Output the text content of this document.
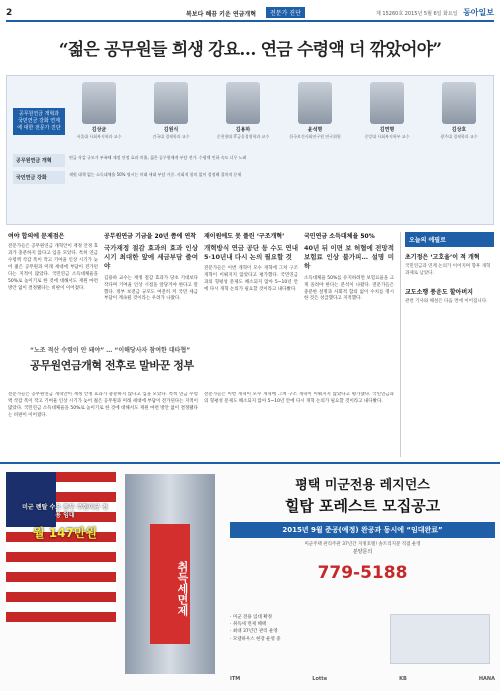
2	복보다 혜끔 키운 연금개혁	전문가 진단	제 15260호 2015년 5월 6일 화요일 동아일보
“젊은 공무원들 희생 강요… 연금 수령액 더 깎았어야”
공무원연금 개혁과 국민연금 강화 연계에 대한 전문가 진단	김상균
서울대 사회복지학과 교수
김원식
건국대 경제학과 교수
김용하
순천향대 IT금융경영학과 교수
윤석명
한국보건사회연구원 연구위원
김연명
중앙대 사회복지학부 교수
김상호
광주대 경제학과 교수
공무원연금 개혁
연금 삭감 규모가 부족해 재정 안정 효과 미흡, 젊은 공무원에게 부담 전가. 수령액 인하 속도 너무 느려
국민연금 강화
재원 대책 없는 소득대체율 50% 명시는 미래 세대 부담 가중. 사회적 합의 없이 결정해 절차적 문제
여야 합의에 문제점은
전문가들은 공무원연금 개혁안이 재정 안정 효과가 충분하지 않다고 입을 모았다. 특히 연금 수령액 삭감 폭이 작고 기여율 인상 시기가 늦어 젊은 공무원과 미래 세대에 부담이 전가된다는 지적이 많았다. 국민연금 소득대체율을 50%로 높이기로 한 것에 대해서도 재원 마련 방안 없이 결정됐다는 비판이 이어졌다.
공무원연금 기금을 20년 쯤에 연착
국가재정 절감 효과의 효과 인상 시기 최대한 앞에 세금부담 줄여야
김용하 교수는 재정 절감 효과가 당초 기대보다 작다며 기여율 인상 시점을 앞당겨야 한다고 말했다. 정부 보전금 규모도 여전히 커 국민 세금 부담이 계속될 것이라는 우려가 나왔다.
재이원에도 못 풀린 ‘구조개혁’
개혁방식 연금 공단 등 수도 연내 5·10년내 다시 논의 필요할 것
전문가들은 이번 개혁이 모수 개혁에 그쳐 구조 개혁이 이뤄지지 않았다고 평가했다. 국민연금과의 형평성 문제도 해소되지 않아 5~10년 안에 다시 개혁 논의가 필요할 것이라고 내다봤다.
국민연금 소득대체율 50%
40년 뒤 이면 보 허혈에 전망적 보험료 인상 불가피… 설명 미하
소득대체율 50%를 유지하려면 보험료율을 크게 올려야 한다는 분석이 나왔다. 전문가들은 충분한 설명과 사회적 합의 없이 수치를 명시한 것은 성급했다고 지적했다.
“노조 적산 수렴이 안 돼야” … “이해당사자 참여한 대타협”
공무원연금개혁 전후로 말바꾼 정부
전문가들은 공무원연금 개혁안이 재정 안정 효과가 충분하지 않다고 입을 모았다. 특히 연금 수령액 삭감 폭이 작고 기여율 인상 시기가 늦어 젊은 공무원과 미래 세대에 부담이 전가된다는 지적이 많았다. 국민연금 소득대체율을 50%로 높이기로 한 것에 대해서도 재원 마련 방안 없이 결정됐다는 비판이 이어졌다.
전문가들은 이번 개혁이 모수 개혁에 그쳐 구조 개혁이 이뤄지지 않았다고 평가했다. 국민연금과의 형평성 문제도 해소되지 않아 5~10년 안에 다시 개혁 논의가 필요할 것이라고 내다봤다.
오늘의 에필로
초기정은 ‘고호울’이 적 개혁
국민연금과 연계 논의가 이어지며 향후 개혁 과제로 남았다.
교도소행 풍운도 할아버지
관련 기사와 해설은 다음 면에 이어집니다.
미군 렌탈 수요 풍부 주한미군 전용 임대
월 147만원
취득세면제
평택 미군전용 레지던스
힐탑 포레스트 모집공고
2015년 9월 준공(예정) 완공과 동시에 “임대완료”
미군주택 관리주관 37년간 지정호텔! 솔트리지분 직접 운영
분양문의
779-5188
· 미군 전용 임대 확정
· 취득세 면제 혜택
· 최대 37년간 관리 운영
· 모델하우스 현장 운영 중
ITM	Lotte	KB	HANA
